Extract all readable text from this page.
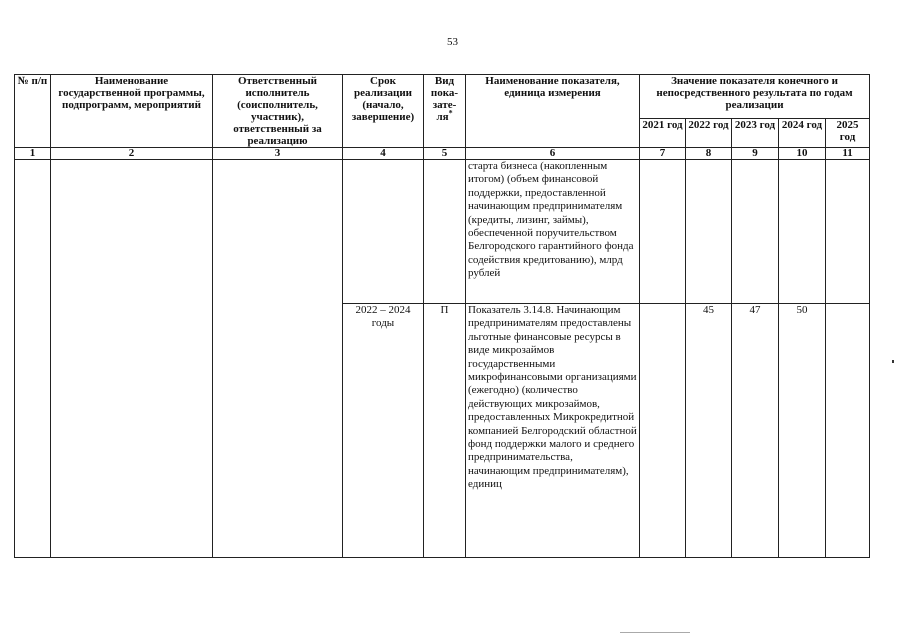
53
№ п/п	Наименование государственной программы, подпрограмм, мероприятий	Ответственный исполнитель (соисполнитель, участник), ответственный за реализацию	Срок реализации (начало, завершение)	Вид пока-зате-ля*	Наименование показателя, единица измерения	Значение показателя конечного и непосредственного результата по годам реализации				
						2021 год	2022 год	2023 год	2024 год	2025 год
1	2	3	4	5	6	7	8	9	10	11
					старта бизнеса (накопленным итогом) (объем финансовой поддержки, предоставленной начинающим предпринимателям (кредиты, лизинг, займы), обеспеченной поручительством Белгородского гарантийного фонда содействия кредитованию), млрд рублей					
			2022 – 2024 годы	П	Показатель 3.14.8. Начинающим предпринимателям предоставлены льготные финансовые ресурсы в виде микрозаймов государственными микрофинансовыми организациями (ежегодно) (количество действующих микрозаймов, предоставленных Микрокредитной компанией Белгородский областной фонд поддержки малого и среднего предпринимательства, начинающим предпринимателям), единиц		45	47	50	
